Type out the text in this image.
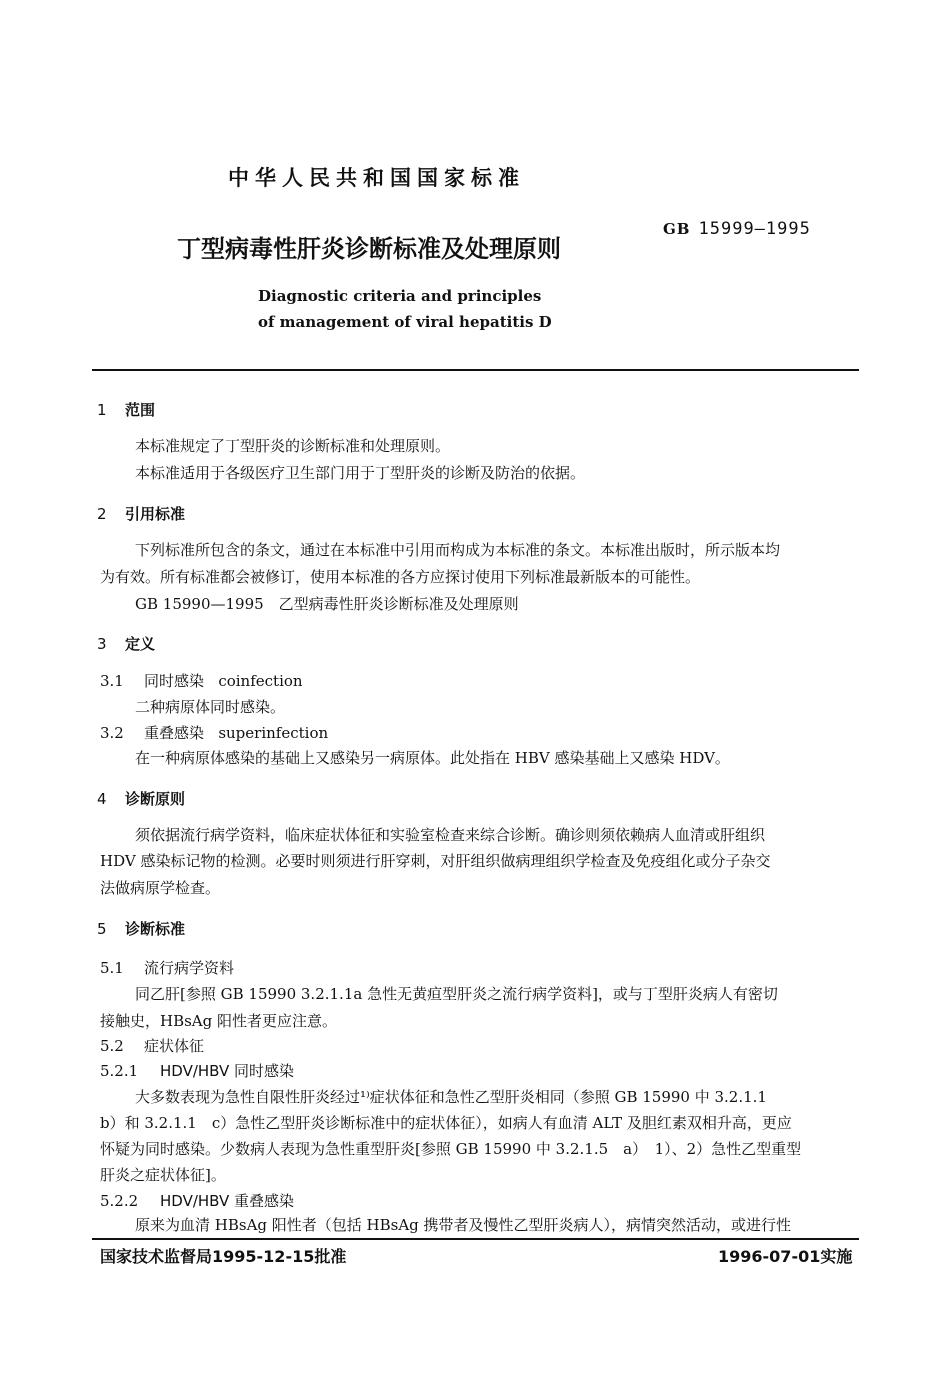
中华人民共和国国家标准
GB 15999—1995
丁型病毒性肝炎诊断标准及处理原则
Diagnostic criteria and principles
of management of viral hepatitis D
1 范围
本标准规定了丁型肝炎的诊断标准和处理原则。
本标准适用于各级医疗卫生部门用于丁型肝炎的诊断及防治的依据。
2 引用标准
下列标准所包含的条文，通过在本标准中引用而构成为本标准的条文。本标准出版时，所示版本均
为有效。所有标准都会被修订，使用本标准的各方应探讨使用下列标准最新版本的可能性。
GB 15990—1995　乙型病毒性肝炎诊断标准及处理原则
3 定义
3.1 同时感染 coinfection
二种病原体同时感染。
3.2 重叠感染 superinfection
在一种病原体感染的基础上又感染另一病原体。此处指在 HBV 感染基础上又感染 HDV。
4 诊断原则
须依据流行病学资料，临床症状体征和实验室检查来综合诊断。确诊则须依赖病人血清或肝组织
HDV 感染标记物的检测。必要时则须进行肝穿刺，对肝组织做病理组织学检查及免疫组化或分子杂交
法做病原学检查。
5 诊断标准
5.1 流行病学资料
同乙肝[参照 GB 15990 3.2.1.1a 急性无黄疸型肝炎之流行病学资料]，或与丁型肝炎病人有密切
接触史，HBsAg 阳性者更应注意。
5.2 症状体征
5.2.1 HDV/HBV 同时感染
大多数表现为急性自限性肝炎经过¹⁾症状体征和急性乙型肝炎相同（参照 GB 15990 中 3.2.1.1
b）和 3.2.1.1　c）急性乙型肝炎诊断标准中的症状体征），如病人有血清 ALT 及胆红素双相升高，更应
怀疑为同时感染。少数病人表现为急性重型肝炎[参照 GB 15990 中 3.2.1.5　a）　1）、2）急性乙型重型
肝炎之症状体征]。
5.2.2 HDV/HBV 重叠感染
原来为血清 HBsAg 阳性者（包括 HBsAg 携带者及慢性乙型肝炎病人），病情突然活动，或进行性
国家技术监督局1995-12-15批准	1996-07-01实施
